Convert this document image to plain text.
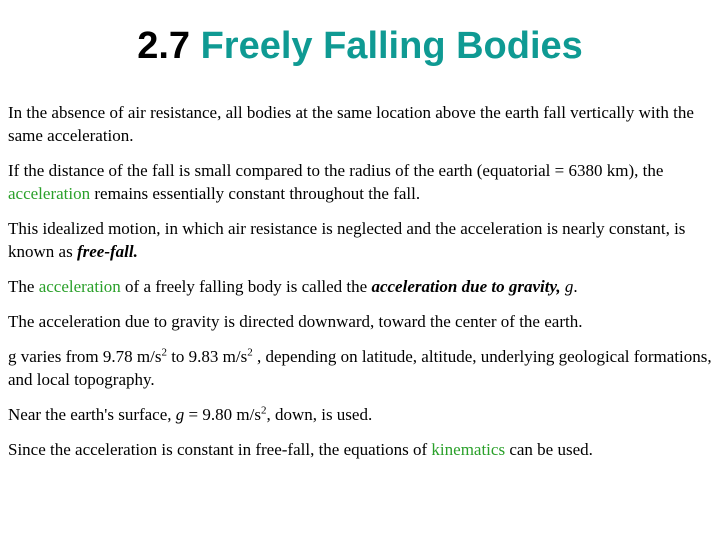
2.7 Freely Falling Bodies

In the absence of air resistance, all bodies at the same location above the earth fall vertically with the same acceleration.

If the distance of the fall is small compared to the radius of the earth (equatorial = 6380 km), the acceleration remains essentially constant throughout the fall.

This idealized motion, in which air resistance is neglected and the acceleration is nearly constant, is known as free-fall.

The acceleration of a freely falling body is called the acceleration due to gravity, g.

The acceleration due to gravity is directed downward, toward the center of the earth.

g varies from 9.78 $m/s^2$ to 9.83 $m/s^2$ , depending on latitude, altitude, underlying geological formations, and local topography.

Near the earth's surface, g = 9.80 $m/s^2$, down, is used.

Since the acceleration is constant in free-fall, the equations of kinematics can be used.
